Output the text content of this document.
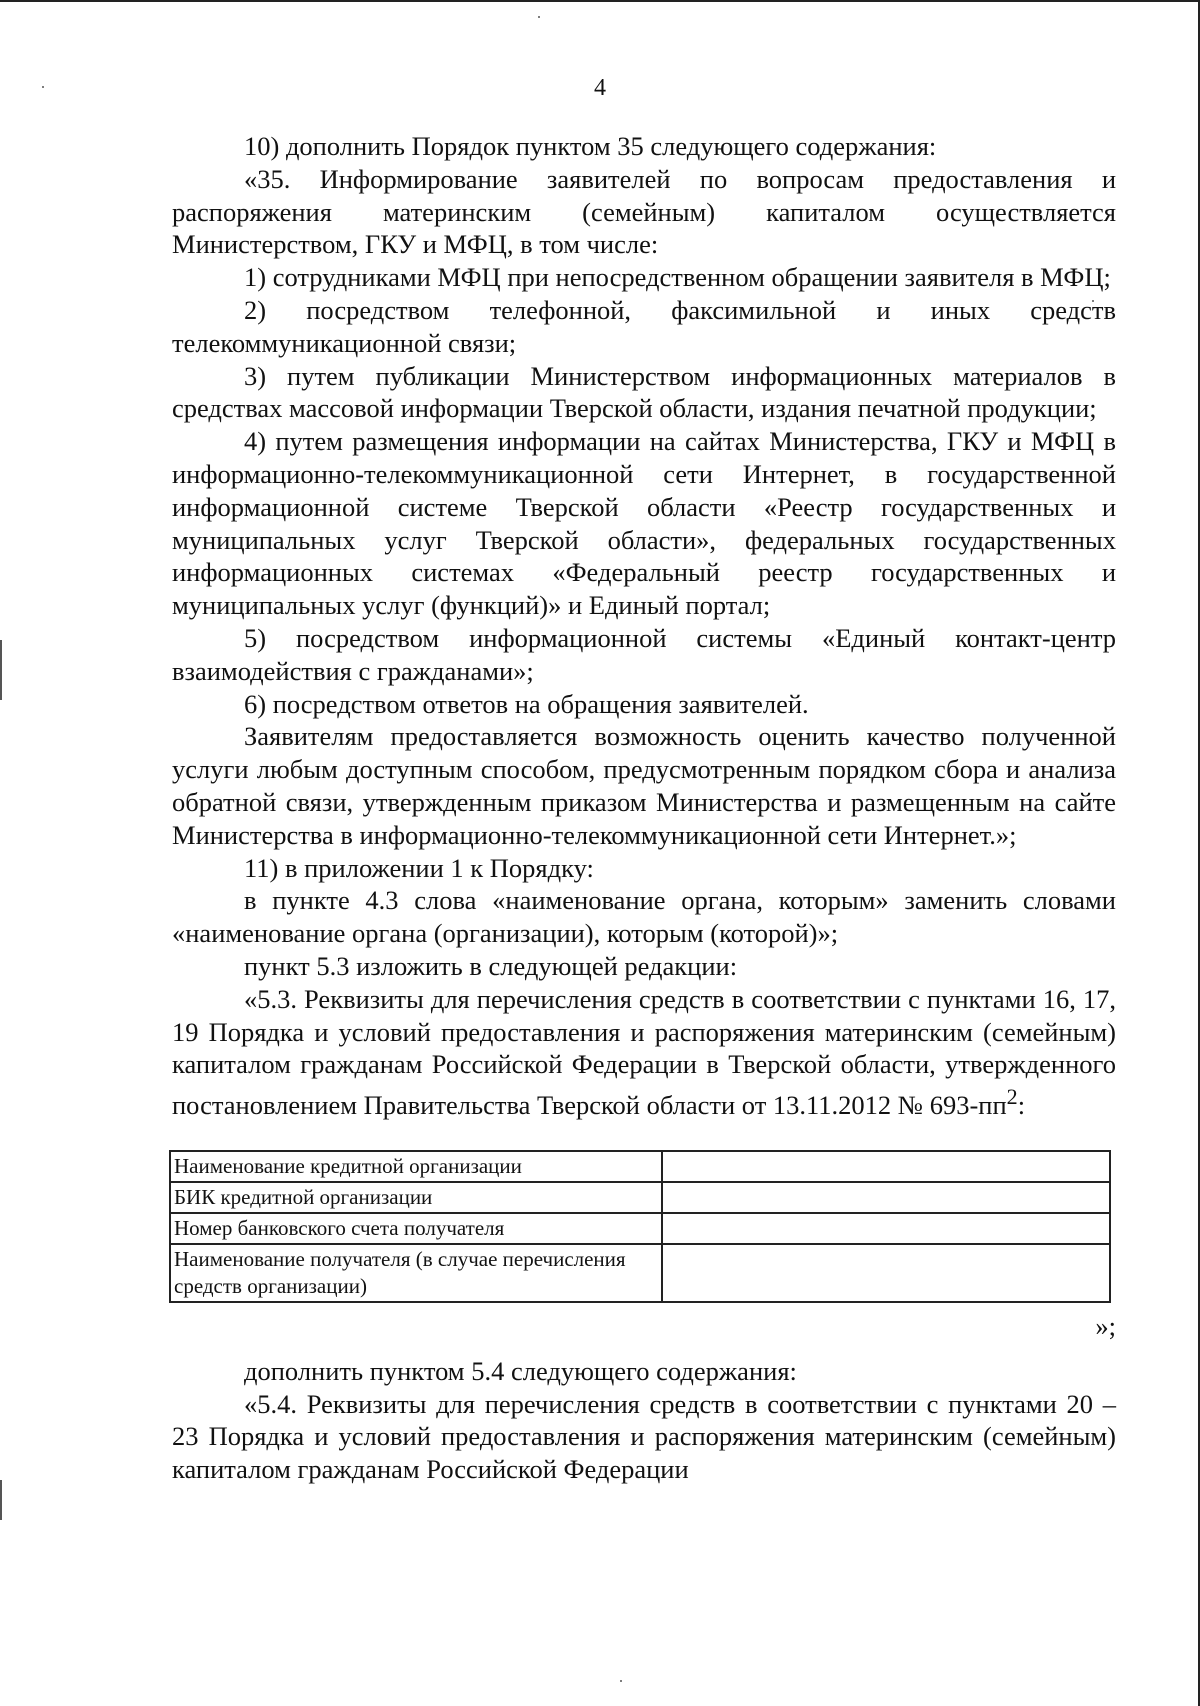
4

10) дополнить Порядок пунктом 35 следующего содержания:

«35. Информирование заявителей по вопросам предоставления и распоряжения материнским (семейным) капиталом осуществляется Министерством, ГКУ и МФЦ, в том числе:

1) сотрудниками МФЦ при непосредственном обращении заявителя в МФЦ;

2) посредством телефонной, факсимильной и иных средств телекоммуникационной связи;

3) путем публикации Министерством информационных материалов в средствах массовой информации Тверской области, издания печатной продукции;

4) путем размещения информации на сайтах Министерства, ГКУ и МФЦ в информационно-телекоммуникационной сети Интернет, в государственной информационной системе Тверской области «Реестр государственных и муниципальных услуг Тверской области», федеральных государственных информационных системах «Федеральный реестр государственных и муниципальных услуг (функций)» и Единый портал;

5) посредством информационной системы «Единый контакт-центр взаимодействия с гражданами»;

6) посредством ответов на обращения заявителей.

Заявителям предоставляется возможность оценить качество полученной услуги любым доступным способом, предусмотренным порядком сбора и анализа обратной связи, утвержденным приказом Министерства и размещенным на сайте Министерства в информационно-телекоммуникационной сети Интернет.»;

11) в приложении 1 к Порядку:

в пункте 4.3 слова «наименование органа, которым» заменить словами «наименование органа (организации), которым (которой)»;

пункт 5.3 изложить в следующей редакции:

«5.3. Реквизиты для перечисления средств в соответствии с пунктами 16, 17, 19 Порядка и условий предоставления и распоряжения материнским (семейным) капиталом гражданам Российской Федерации в Тверской области, утвержденного постановлением Правительства Тверской области от 13.11.2012 № $693-пп^2$:

Наименование кредитной организации	
БИК кредитной организации	
Номер банковского счета получателя	
Наименование получателя (в случае перечисления средств организации)	
»;

дополнить пунктом 5.4 следующего содержания:

«5.4. Реквизиты для перечисления средств в соответствии с пунктами 20 – 23 Порядка и условий предоставления и распоряжения материнским (семейным) капиталом гражданам Российской Федерации
